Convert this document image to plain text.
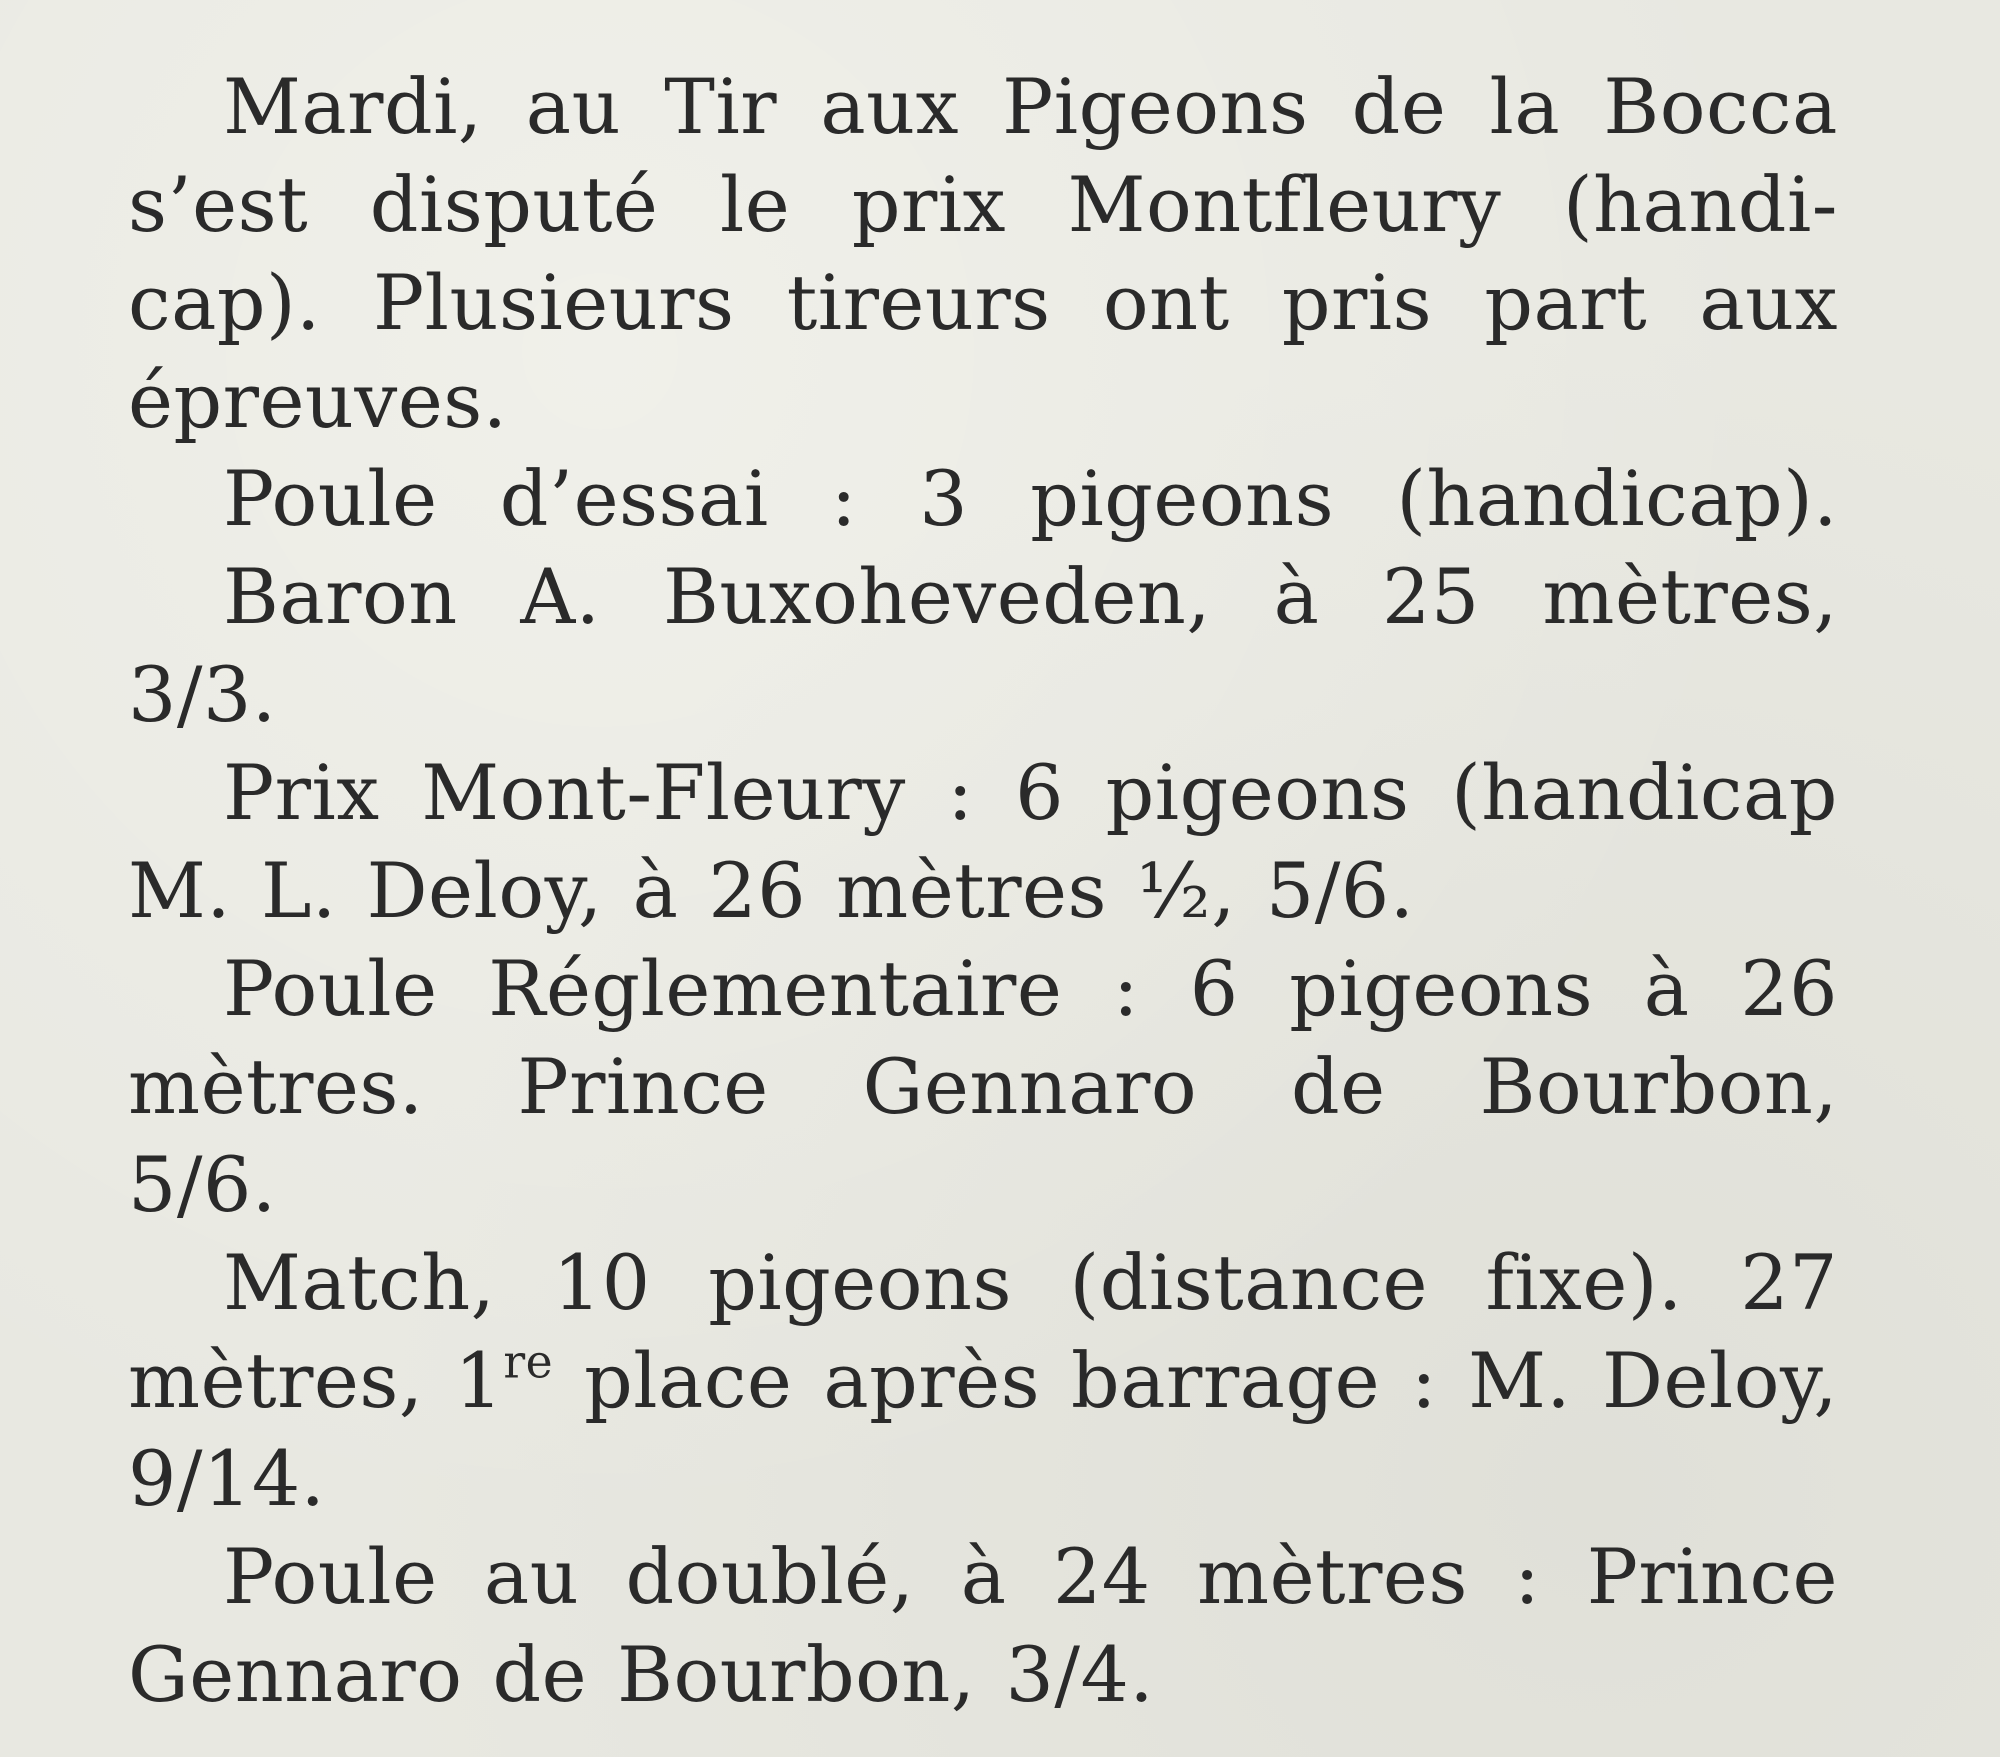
Mardi, au Tir aux Pigeons de la Bocca
s’est disputé le prix Montfleury (handi-
cap). Plusieurs tireurs ont pris part aux
épreuves.
Poule d’essai : 3 pigeons (handicap).
Baron A. Buxoheveden, à 25 mètres,
3/3.
Prix Mont-Fleury : 6 pigeons (handicap
M. L. Deloy, à 26 mètres ½, 5/6.
Poule Réglementaire : 6 pigeons à 26
mètres. Prince Gennaro de Bourbon,
5/6.
Match, 10 pigeons (distance fixe). 27
mètres, 1re place après barrage : M. Deloy,
9/14.
Poule au doublé, à 24 mètres : Prince
Gennaro de Bourbon, 3/4.
